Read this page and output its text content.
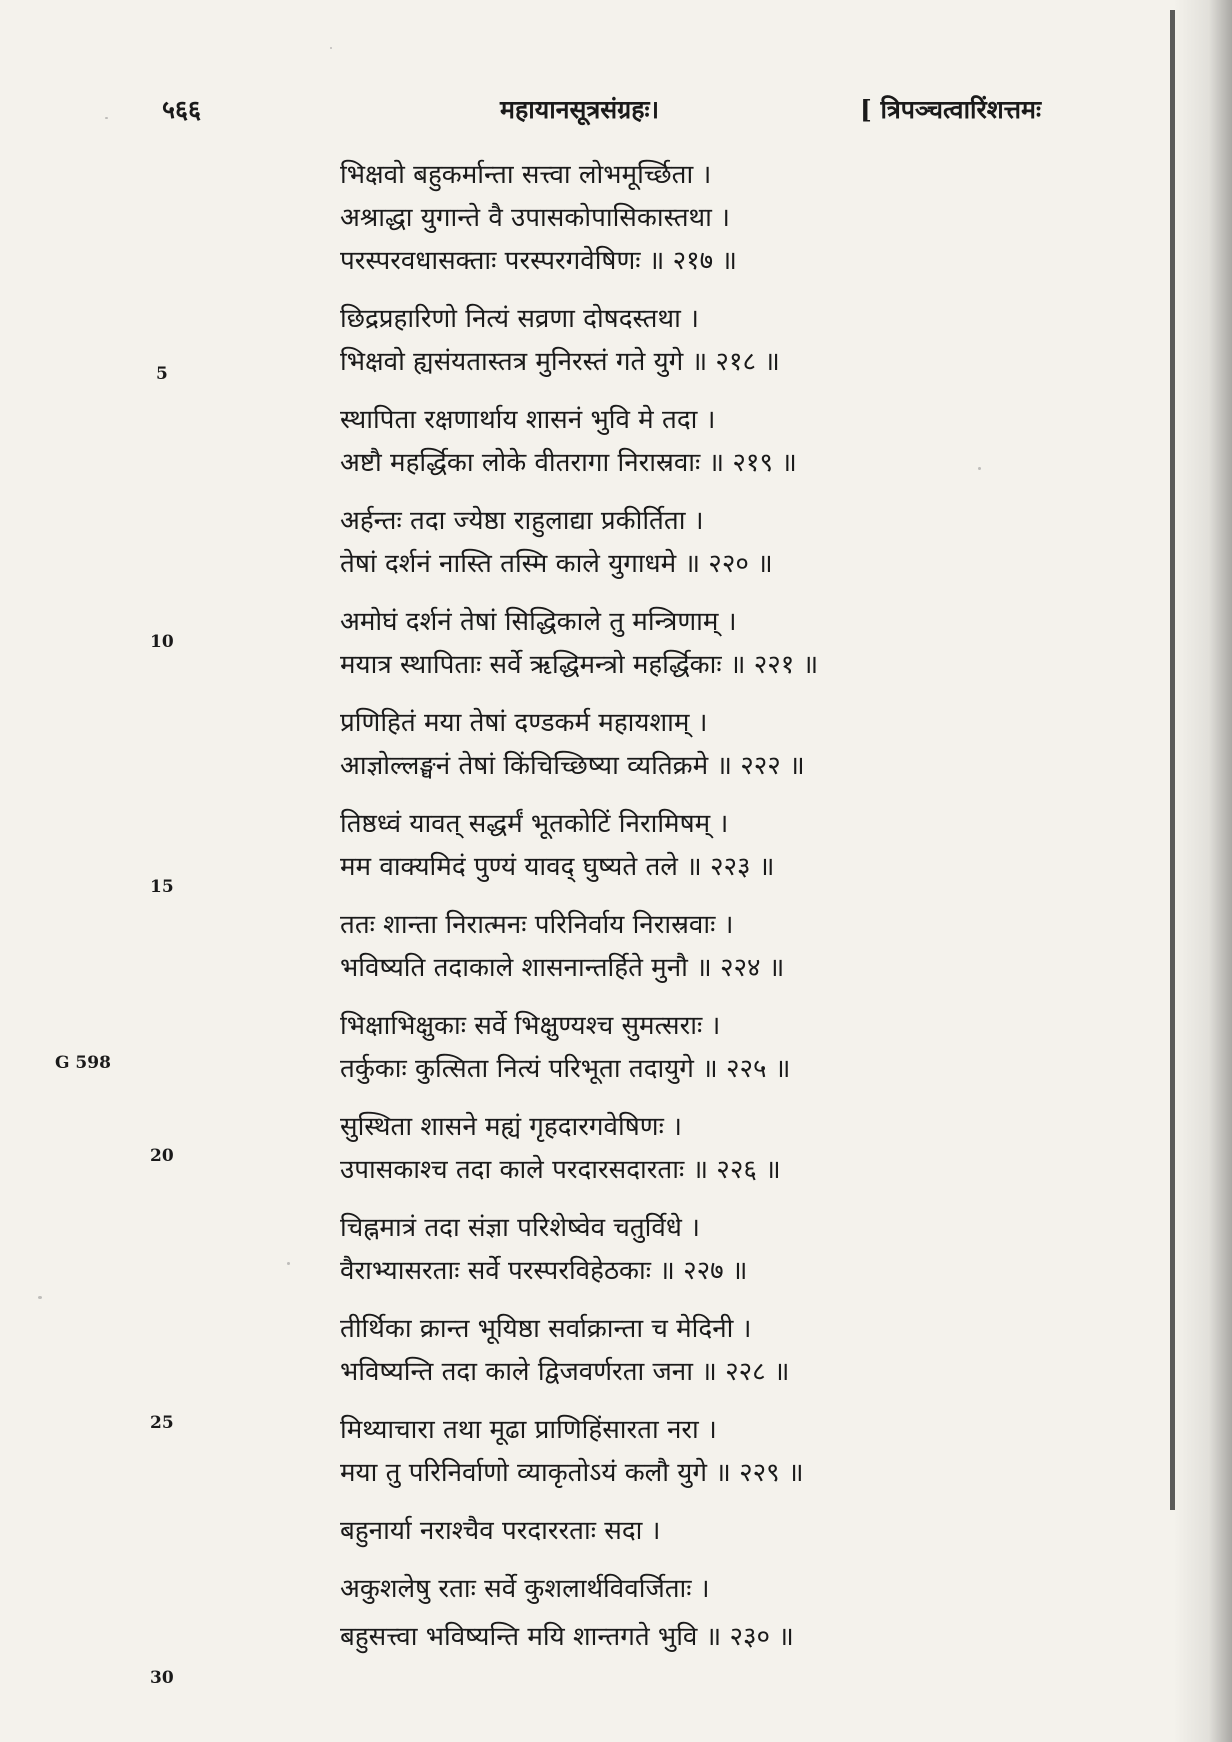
५६६	महायानसूत्रसंग्रहः।	[ त्रिपञ्चत्वारिंशत्तमः
भिक्षवो बहुकर्मान्ता सत्त्वा लोभमूर्च्छिता ।
अश्राद्धा युगान्ते वै उपासकोपासिकास्तथा ।
परस्परवधासक्ताः परस्परगवेषिणः ॥ २१७ ॥
छिद्रप्रहारिणो नित्यं सव्रणा दोषदस्तथा ।
भिक्षवो ह्यसंयतास्तत्र मुनिरस्तं गते युगे ॥ २१८ ॥
स्थापिता रक्षणार्थाय शासनं भुवि मे तदा ।
अष्टौ महर्द्धिका लोके वीतरागा निरास्रवाः ॥ २१९ ॥
अर्हन्तः तदा ज्येष्ठा राहुलाद्या प्रकीर्तिता ।
तेषां दर्शनं नास्ति तस्मि काले युगाधमे ॥ २२० ॥
अमोघं दर्शनं तेषां सिद्धिकाले तु मन्त्रिणाम् ।
मयात्र स्थापिताः सर्वे ऋद्धिमन्त्रो महर्द्धिकाः ॥ २२१ ॥
प्रणिहितं मया तेषां दण्डकर्म महायशाम् ।
आज्ञोल्लङ्घनं तेषां किंचिच्छिष्या व्यतिक्रमे ॥ २२२ ॥
तिष्ठध्वं यावत् सद्धर्मं भूतकोटिं निरामिषम् ।
मम वाक्यमिदं पुण्यं यावद् घुष्यते तले ॥ २२३ ॥
ततः शान्ता निरात्मनः परिनिर्वाय निरास्रवाः ।
भविष्यति तदाकाले शासनान्तर्हिते मुनौ ॥ २२४ ॥
भिक्षाभिक्षुकाः सर्वे भिक्षुण्यश्च सुमत्सराः ।
तर्कुकाः कुत्सिता नित्यं परिभूता तदायुगे ॥ २२५ ॥
सुस्थिता शासने मह्यं गृहदारगवेषिणः ।
उपासकाश्च तदा काले परदारसदारताः ॥ २२६ ॥
चिह्नमात्रं तदा संज्ञा परिशेष्वेव चतुर्विधे ।
वैराभ्यासरताः सर्वे परस्परविहेठकाः ॥ २२७ ॥
तीर्थिका क्रान्त भूयिष्ठा सर्वाक्रान्ता च मेदिनी ।
भविष्यन्ति तदा काले द्विजवर्णरता जना ॥ २२८ ॥
मिथ्याचारा तथा मूढा प्राणिहिंसारता नरा ।
मया तु परिनिर्वाणो व्याकृतोऽयं कलौ युगे ॥ २२९ ॥
बहुनार्या नराश्चैव परदाररताः सदा ।
अकुशलेषु रताः सर्वे कुशलार्थविवर्जिताः ।
बहुसत्त्वा भविष्यन्ति मयि शान्तगते भुवि ॥ २३० ॥
5
10
15
20
25
30
G 598
